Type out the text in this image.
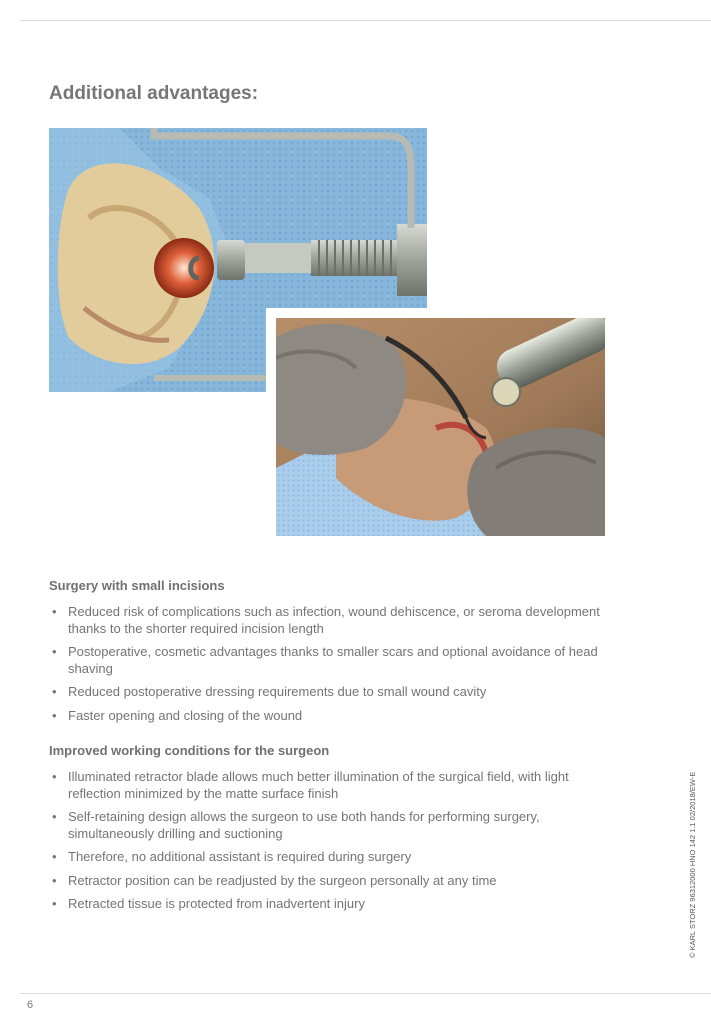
Additional advantages:
Surgery with small incisions
• Reduced risk of complications such as infection, wound dehiscence, or seroma development thanks to the shorter required incision length
• Postoperative, cosmetic advantages thanks to smaller scars and optional avoidance of head shaving
• Reduced postoperative dressing requirements due to small wound cavity
• Faster opening and closing of the wound
Improved working conditions for the surgeon
• Illuminated retractor blade allows much better illumination of the surgical field, with light reflection minimized by the matte surface finish
• Self-retaining design allows the surgeon to use both hands for performing surgery, simultaneously drilling and suctioning
• Therefore, no additional assistant is required during surgery
• Retractor position can be readjusted by the surgeon personally at any time
• Retracted tissue is protected from inadvertent injury	© KARL STORZ 96312000 HNO 142 1.1 02/2018/EW-E
6
